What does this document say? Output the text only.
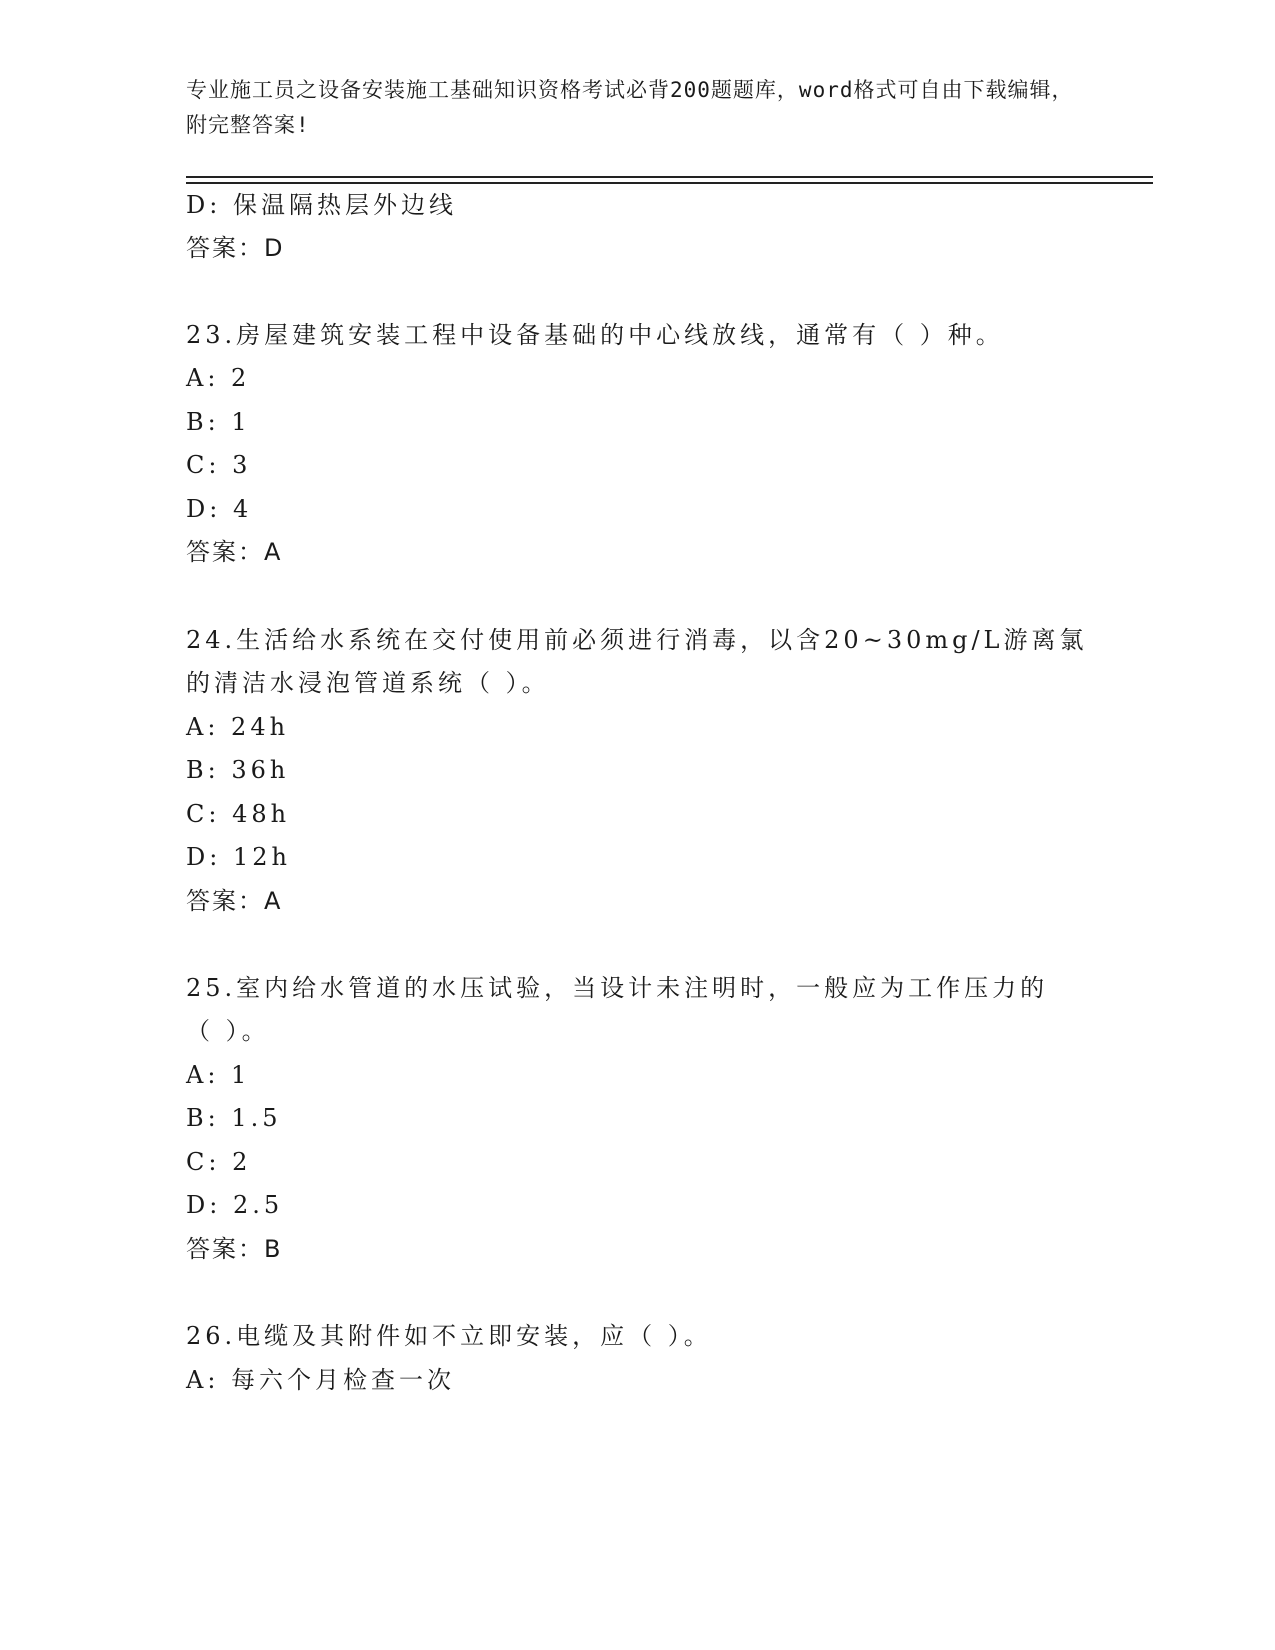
专业施工员之设备安装施工基础知识资格考试必背200题题库，word格式可自由下载编辑，附完整答案!
D: 保温隔热层外边线
答案：D
23.房屋建筑安装工程中设备基础的中心线放线，通常有（ ）种。
A: 2
B: 1
C: 3
D: 4
答案：A
24.生活给水系统在交付使用前必须进行消毒，以含20~30mg/L游离氯
的清洁水浸泡管道系统（ ）。
A: 24h
B: 36h
C: 48h
D: 12h
答案：A
25.室内给水管道的水压试验，当设计未注明时，一般应为工作压力的
（ ）。
A: 1
B: 1.5
C: 2
D: 2.5
答案：B
26.电缆及其附件如不立即安装，应（ ）。
A: 每六个月检查一次
